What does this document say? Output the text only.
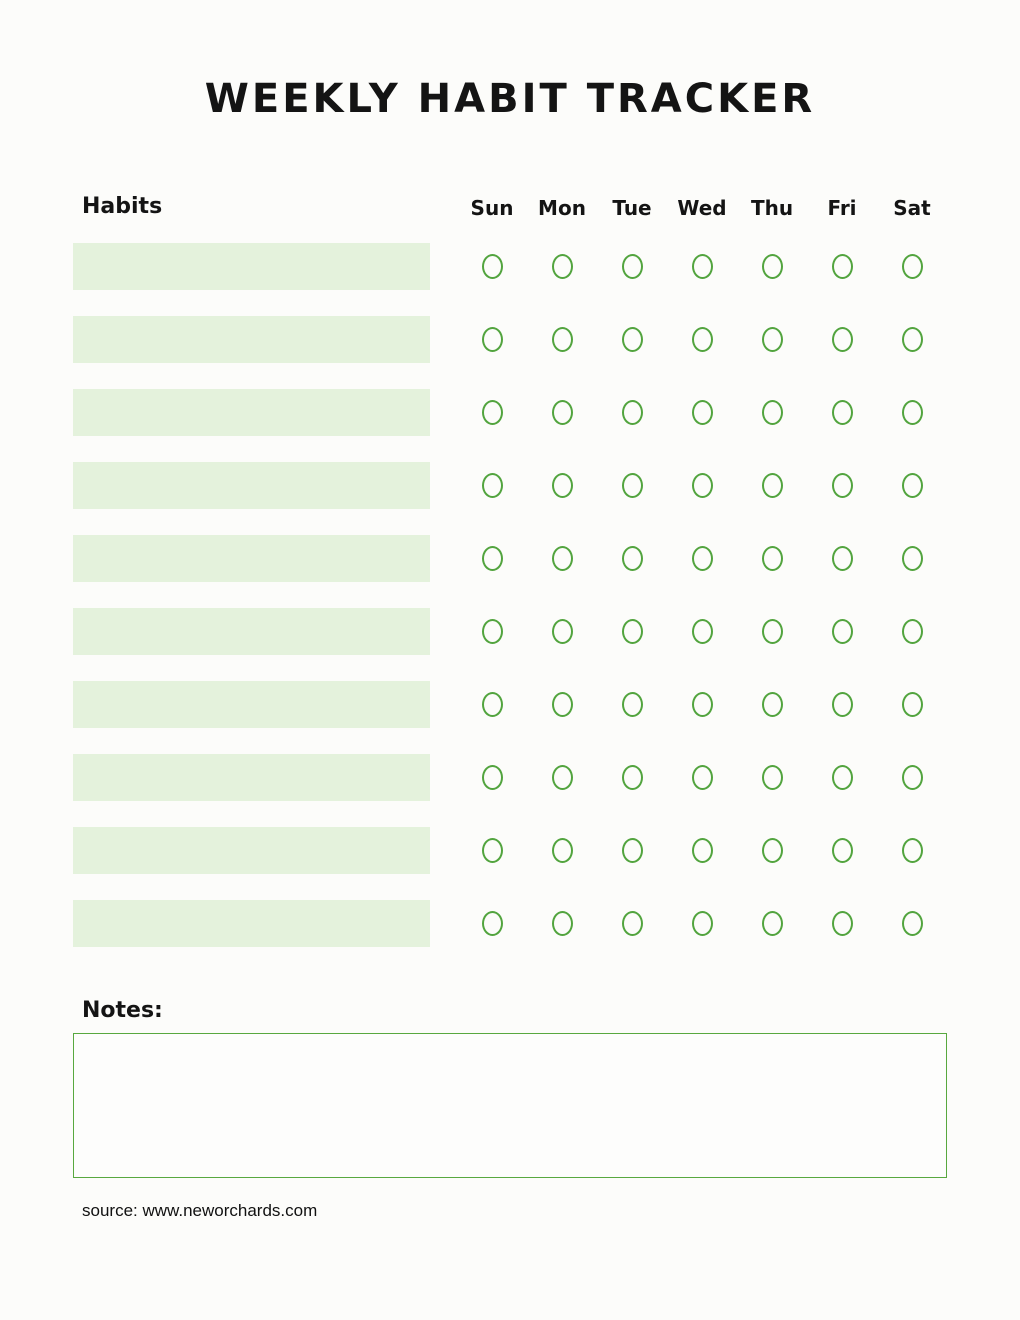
WEEKLY HABIT TRACKER
Habits	Sun	Mon	Tue	Wed	Thu	Fri	Sat
Notes:
source: www.neworchards.com
